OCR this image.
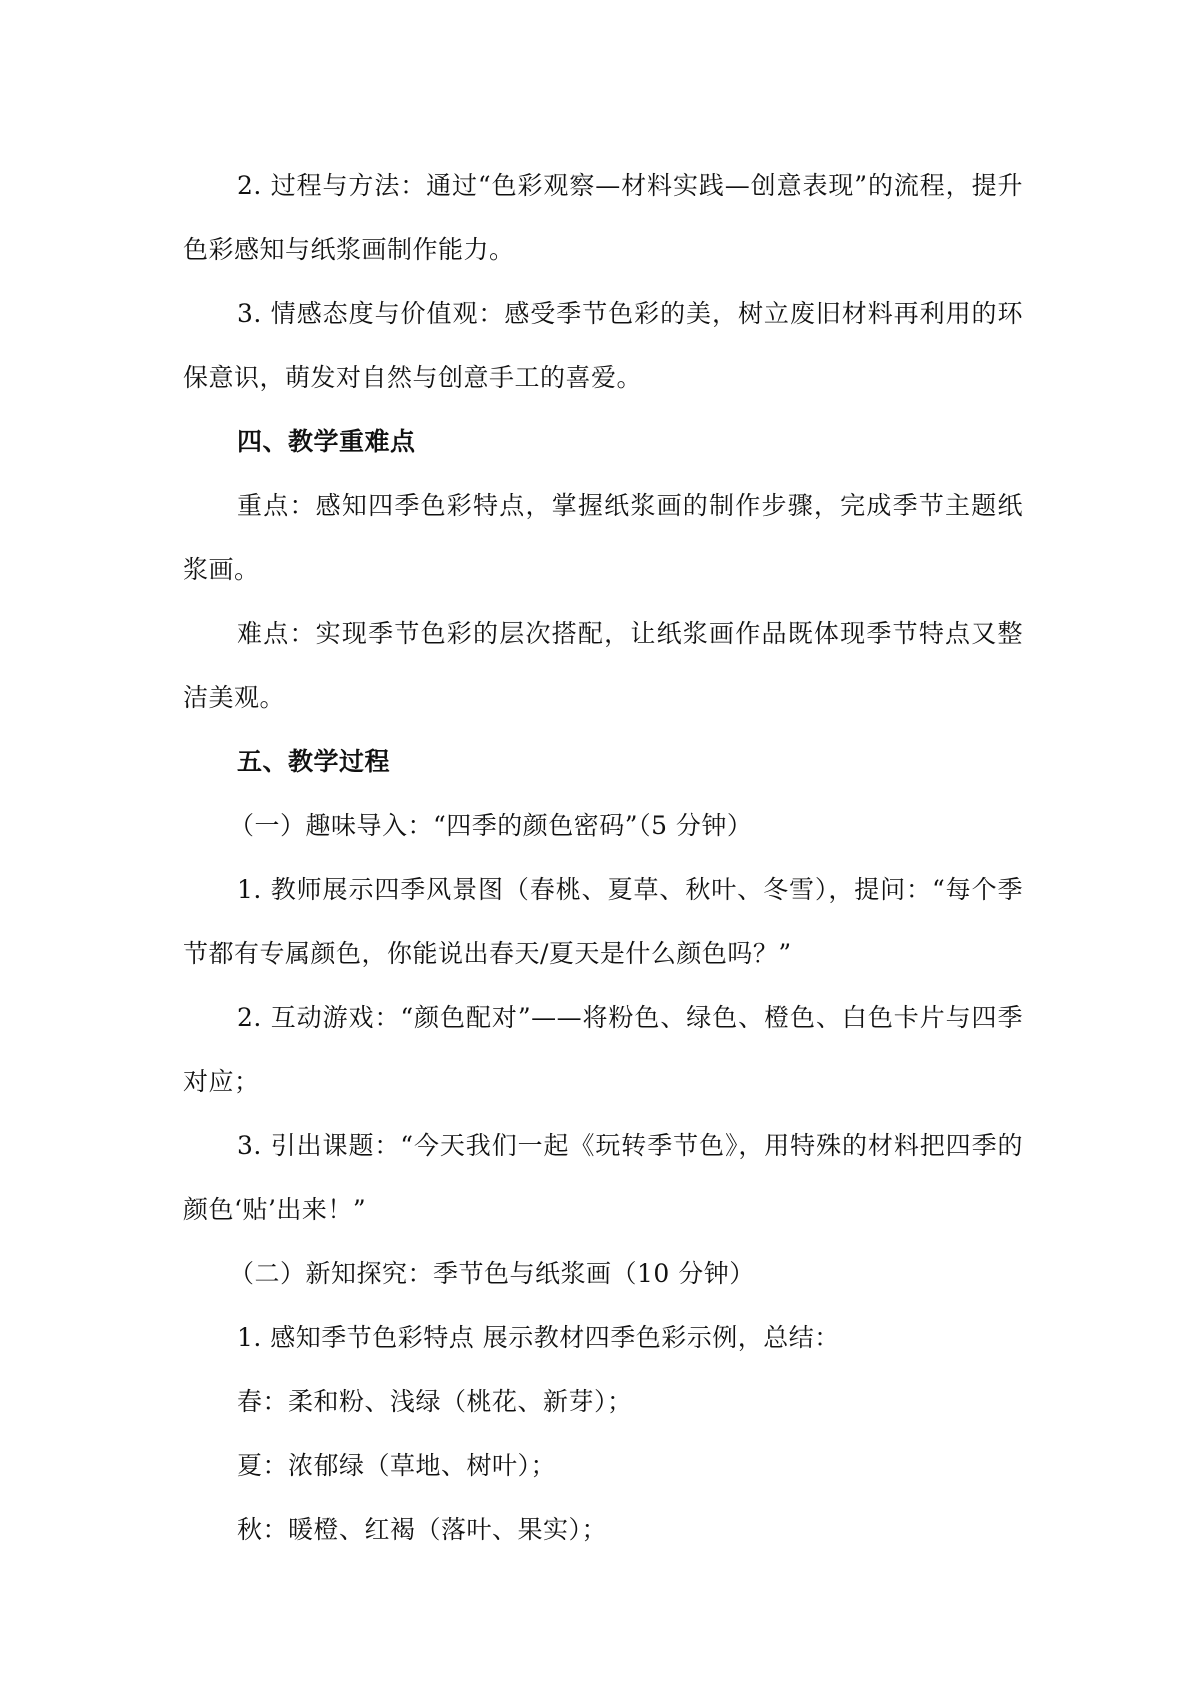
2. 过程与方法：通过“色彩观察—材料实践—创意表现”的流程，提升色彩感知与纸浆画制作能力。

3. 情感态度与价值观：感受季节色彩的美，树立废旧材料再利用的环保意识，萌发对自然与创意手工的喜爱。

四、教学重难点

重点：感知四季色彩特点，掌握纸浆画的制作步骤，完成季节主题纸浆画。

难点：实现季节色彩的层次搭配，让纸浆画作品既体现季节特点又整洁美观。

五、教学过程

（一）趣味导入：“四季的颜色密码”（5 分钟）

1. 教师展示四季风景图（春桃、夏草、秋叶、冬雪），提问：“每个季节都有专属颜色，你能说出春天/夏天是什么颜色吗？”

2. 互动游戏：“颜色配对”——将粉色、绿色、橙色、白色卡片与四季对应；

3. 引出课题：“今天我们一起《玩转季节色》，用特殊的材料把四季的颜色‘贴’出来！”

（二）新知探究：季节色与纸浆画（10 分钟）

1. 感知季节色彩特点 展示教材四季色彩示例，总结：

春：柔和粉、浅绿（桃花、新芽）；

夏：浓郁绿（草地、树叶）；

秋：暖橙、红褐（落叶、果实）；
